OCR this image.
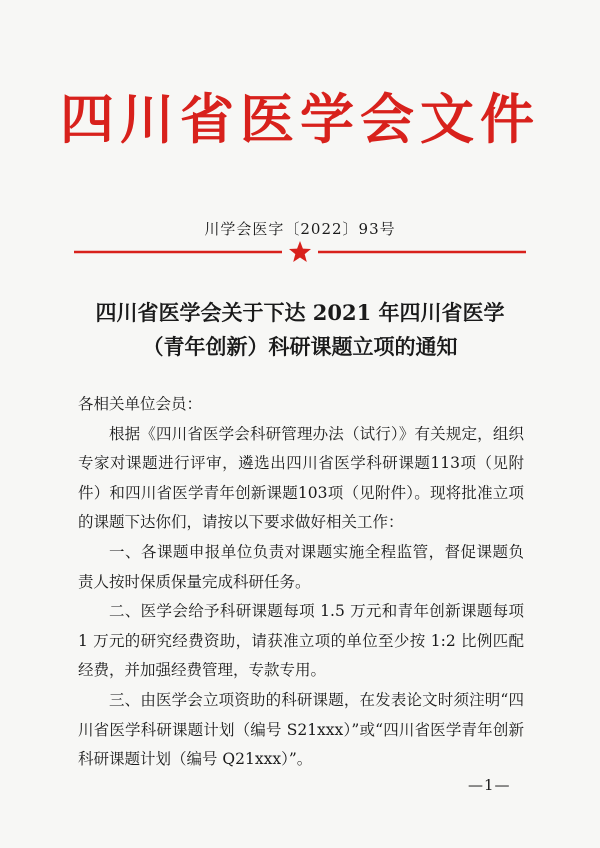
四川省医学会文件
川学会医字〔2022〕93号
四川省医学会关于下达 2021 年四川省医学
（青年创新）科研课题立项的通知

各相关单位会员：

根据《四川省医学会科研管理办法（试行）》有关规定，组织专家对课题进行评审，遴选出四川省医学科研课题113项（见附件）和四川省医学青年创新课题103项（见附件）。现将批准立项的课题下达你们，请按以下要求做好相关工作：

一、各课题申报单位负责对课题实施全程监管，督促课题负责人按时保质保量完成科研任务。

二、医学会给予科研课题每项 1.5 万元和青年创新课题每项 1 万元的研究经费资助，请获准立项的单位至少按 1:2 比例匹配经费，并加强经费管理，专款专用。

三、由医学会立项资助的科研课题，在发表论文时须注明“四川省医学科研课题计划（编号 S21xxx）”或“四川省医学青年创新科研课题计划（编号 Q21xxx）”。

—1—
